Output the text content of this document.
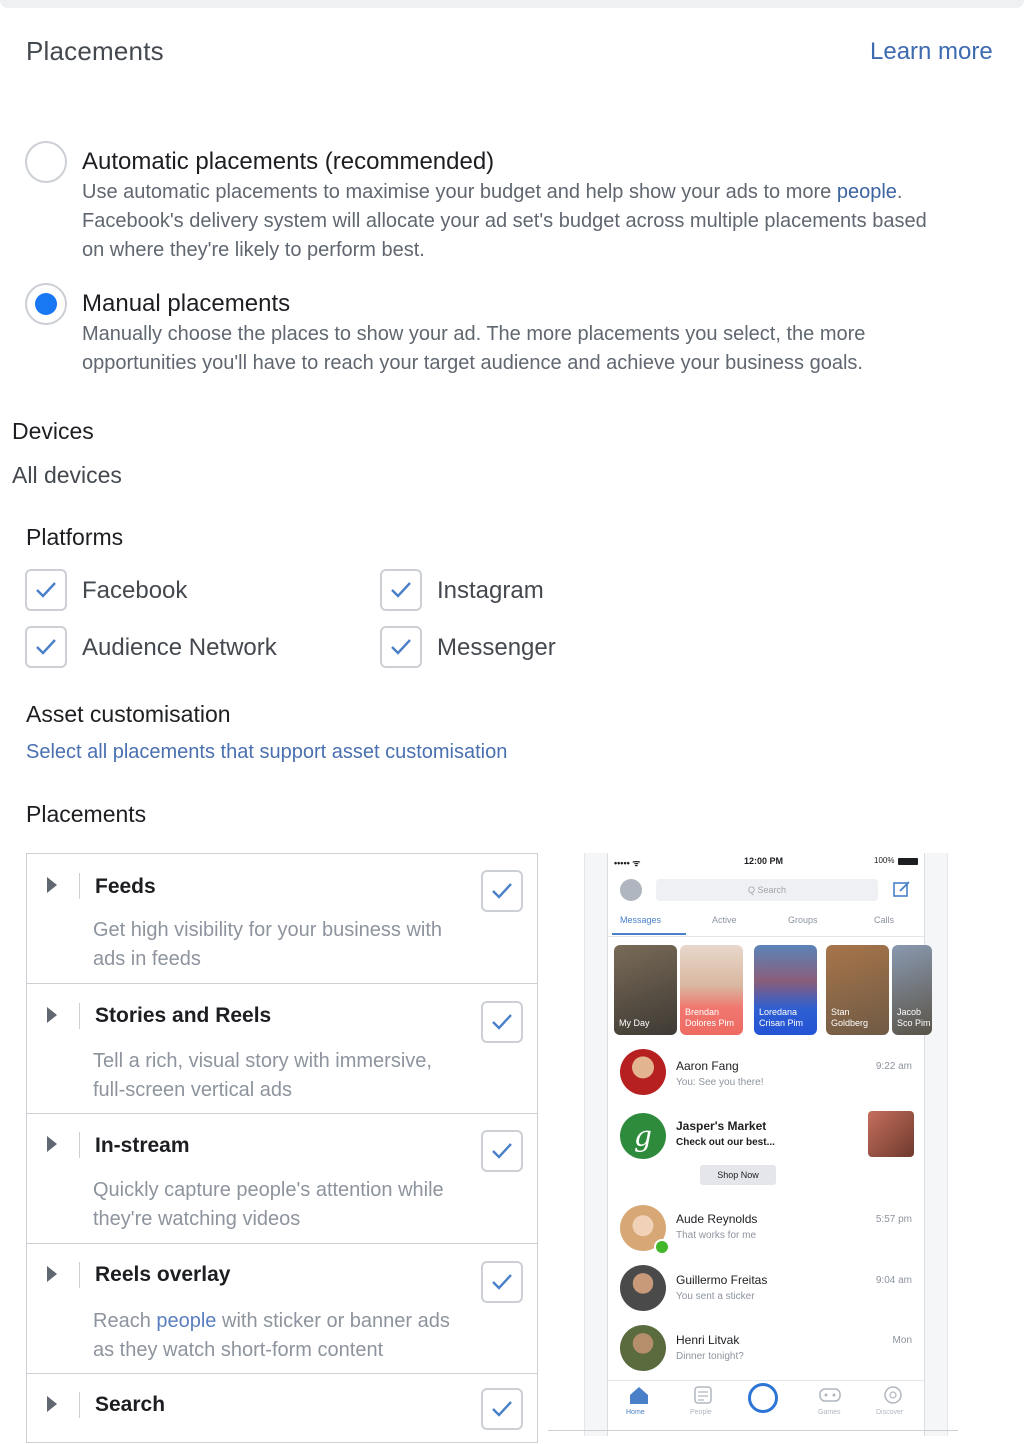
Placements	Learn more
Automatic placements (recommended)
Use automatic placements to maximise your budget and help show your ads to more people.
Facebook's delivery system will allocate your ad set's budget across multiple placements based
on where they're likely to perform best.
Manual placements
Manually choose the places to show your ad. The more placements you select, the more
opportunities you'll have to reach your target audience and achieve your business goals.
Devices
All devices
Platforms
Facebook	Instagram
Audience Network	Messenger
Asset customisation
Select all placements that support asset customisation
Placements
Feeds
Get high visibility for your business with
ads in feeds
Stories and Reels
Tell a rich, visual story with immersive,
full-screen vertical ads
In-stream
Quickly capture people's attention while
they're watching videos
Reels overlay
Reach people with sticker or banner ads
as they watch short-form content
Search
••••• ᯤ	12:00 PM	100%
Q Search
Messages	Active	Groups	Calls
My Day
Brendan Dolores Pim
Loredana Crisan Pim
Stan Goldberg
Jacob Sco Pim
Aaron Fang
You: See you there!
9:22 am
g Jasper's Market
Check out our best...
Shop Now
Aude Reynolds
That works for me
5:57 pm
Guillermo Freitas
You sent a sticker
9:04 am
Henri Litvak
Dinner tonight?
Mon
Home	People	Games	Discover
